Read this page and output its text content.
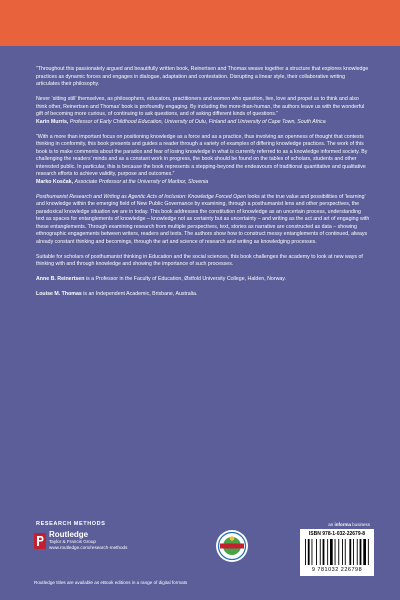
“Throughout this passionately argued and beautifully written book, Reinertsen and Thomas weave together a structure that explores knowledge practices as dynamic forces and engages in dialogue, adaptation and contestation. Disrupting a linear style, their collaborative writing articulates their philosophy.

Never ‘sitting still’ themselves, as philosophers, educators, practitioners and women who question, live, love and propel us to think and also think other, Reinertsen and Thomas’ book is profoundly engaging. By including the more-than-human, the authors leave us with the wonderful gift of becoming more curious, of continuing to ask questions, and of asking different kinds of questions.”

Karin Murris, Professor of Early Childhood Education, University of Oulu, Finland and University of Cape Town, South Africa

“With a more than important focus on positioning knowledge as a force and as a practice, thus involving an openness of thought that contests thinking in conformity, this book presents and guides a reader through a variety of examples of differing knowledge practices. The work of this book is to make comments about the paradox and fear of losing knowledge in what is currently referred to as a knowledge informed society. By challenging the readers’ minds and as a constant work in progress, the book should be found on the tables of scholars, students and other interested public. In particular, this is because the book represents a stepping-beyond the endeavours of traditional quantitative and qualitative research efforts to achieve validity, purpose and outcomes.”

Marko Kosčak, Associate Professor at the University of Maribor, Slovenia

Posthumanist Research and Writing as Agentic Acts of Inclusion: Knowledge Forced Open looks at the true value and possibilities of ‘learning’ and knowledge within the emerging field of New Public Governance by examining, through a posthumanist lens and other perspectives, the paradoxical knowledge situation we are in today. This book addresses the constitution of knowledge as an uncertain process, understanding text as spaces for entanglements of knowledge – knowledge not as certainty but as uncertainty – and writing as the act and art of engaging with these entanglements. Through examining research from multiple perspectives, text, stories as narrative are constructed as data – showing ethnographic engagements between writers, readers and texts. The authors show how to construct messy entanglements of continued, always already constant thinking and becomings, through the art and science of research and writing as knowledging processes.

Suitable for scholars of posthumanist thinking in Education and the social sciences, this book challenges the academy to look at new ways of thinking with and through knowledge and showing the importance of such processes.

Anne B. Reinertsen is a Professor in the Faculty of Education, Østfold University College, Halden, Norway.

Louise M. Thomas is an Independent Academic, Brisbane, Australia.

RESEARCH METHODS	an informa business
Routledge
Taylor & Francis Group
www.routledge.com/research-methods
ISBN 978-1-032-22679-8
9 781032 226798
Routledge titles are available as eBook editions in a range of digital formats
